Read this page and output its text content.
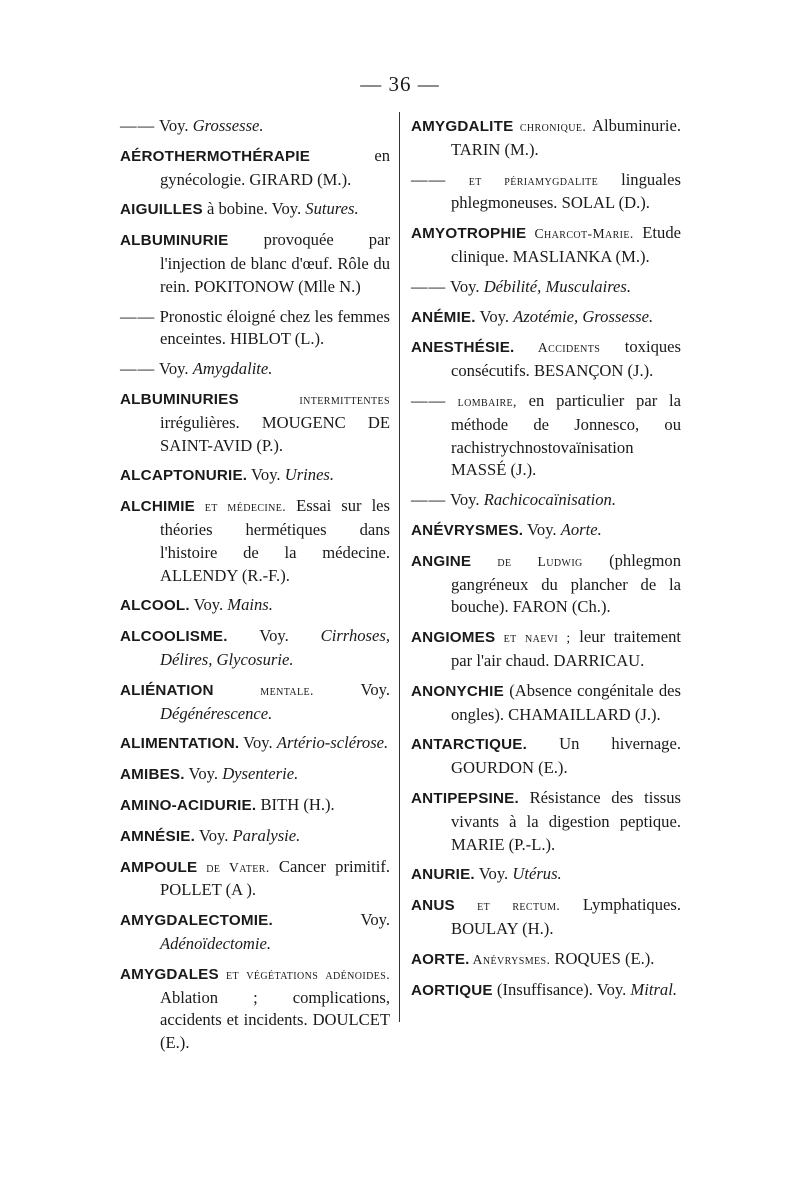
— 36 —

—— Voy. Grossesse.

AÉROTHERMOTHÉRAPIE en gynécologie. GIRARD (M.).

AIGUILLES à bobine. Voy. Sutures.

ALBUMINURIE provoquée par l'injection de blanc d'œuf. Rôle du rein. POKITONOW (Mlle N.)

—— Pronostic éloigné chez les femmes enceintes. HIBLOT (L.).

—— Voy. Amygdalite.

ALBUMINURIES intermittentes irrégulières. MOUGENC DE SAINT-AVID (P.).

ALCAPTONURIE. Voy. Urines.

ALCHIMIE et médecine. Essai sur les théories hermétiques dans l'histoire de la médecine. ALLENDY (R.-F.).

ALCOOL. Voy. Mains.

ALCOOLISME. Voy. Cirrhoses, Délires, Glycosurie.

ALIÉNATION mentale. Voy. Dégénérescence.

ALIMENTATION. Voy. Artério-sclérose.

AMIBES. Voy. Dysenterie.

AMINO-ACIDURIE. BITH (H.).

AMNÉSIE. Voy. Paralysie.

AMPOULE de Vater. Cancer primitif. POLLET (A ).

AMYGDALECTOMIE. Voy. Adénoïdectomie.

AMYGDALES et végétations adénoides. Ablation ; complications, accidents et incidents. DOULCET (E.).

AMYGDALITE chronique. Albuminurie. TARIN (M.).

—— et périamygdalite linguales phlegmoneuses. SOLAL (D.).

AMYOTROPHIE Charcot-Marie. Etude clinique. MASLIANKA (M.).

—— Voy. Débilité, Musculaires.

ANÉMIE. Voy. Azotémie, Grossesse.

ANESTHÉSIE. Accidents toxiques consécutifs. BESANÇON (J.).

—— lombaire, en particulier par la méthode de Jonnesco, ou rachistrychnostovaïnisation MASSÉ (J.).

—— Voy. Rachicocaïnisation.

ANÉVRYSMES. Voy. Aorte.

ANGINE de Ludwig (phlegmon gangréneux du plancher de la bouche). FARON (Ch.).

ANGIOMES et naevi ; leur traitement par l'air chaud. DARRICAU.

ANONYCHIE (Absence congénitale des ongles). CHAMAILLARD (J.).

ANTARCTIQUE. Un hivernage. GOURDON (E.).

ANTIPEPSINE. Résistance des tissus vivants à la digestion peptique. MARIE (P.-L.).

ANURIE. Voy. Utérus.

ANUS et rectum. Lymphatiques. BOULAY (H.).

AORTE. Anévrysmes. ROQUES (E.).

AORTIQUE (Insuffisance). Voy. Mitral.
